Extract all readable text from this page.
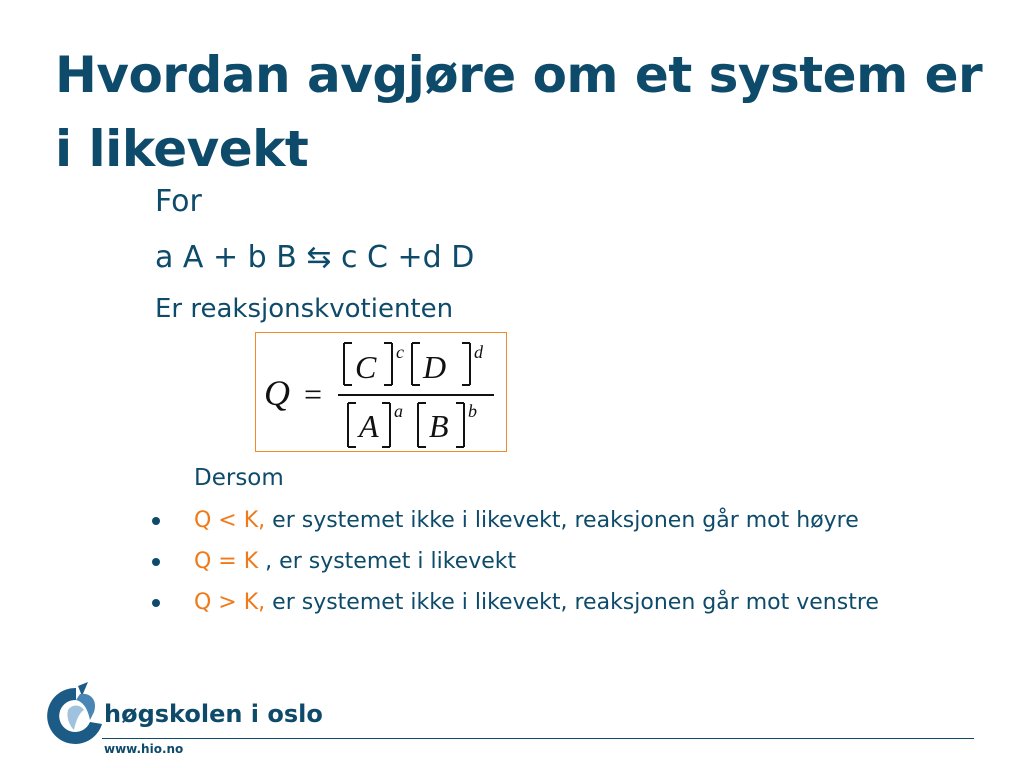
Hvordan avgjøre om et system er i likevekt
For
a A + b B ⇆ c C +d D
Er reaksjonskvotienten
Q =
C c D d
A a B b
Dersom
Q < K, er systemet ikke i likevekt, reaksjonen går mot høyre
Q = K , er systemet i likevekt
Q > K, er systemet ikke i likevekt, reaksjonen går mot venstre
høgskolen i oslo
www.hio.no
